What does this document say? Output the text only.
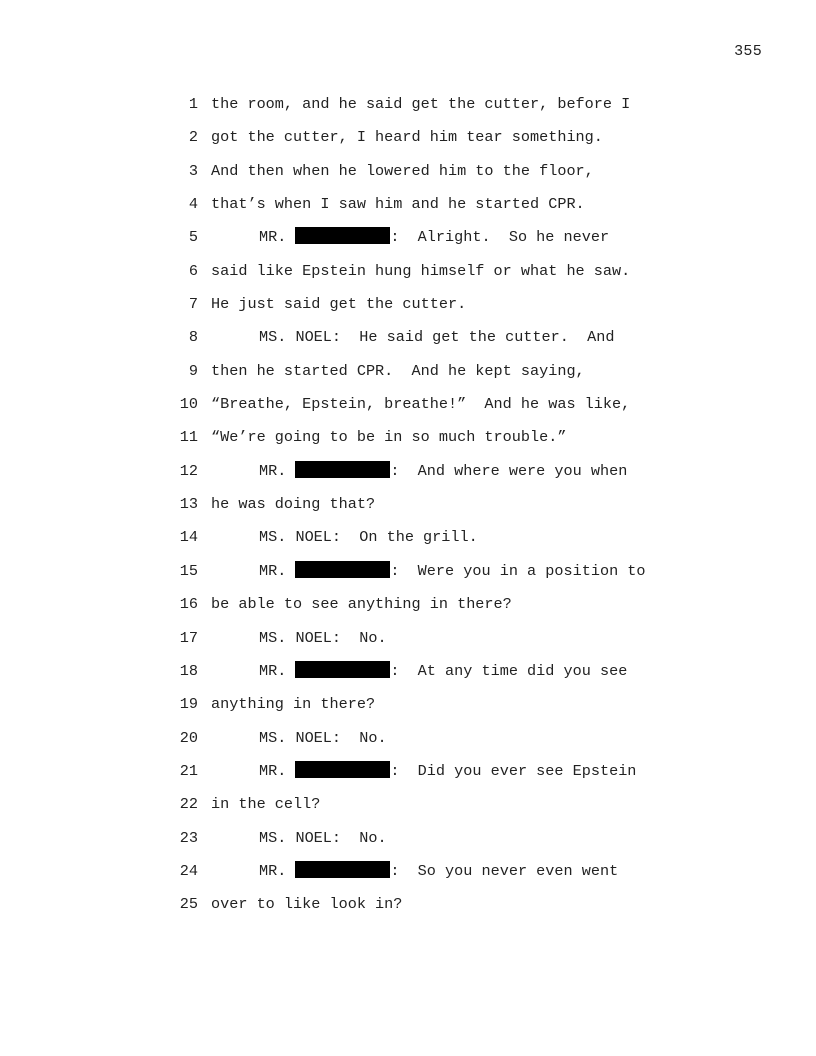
355
1 the room, and he said get the cutter, before I
2 got the cutter, I heard him tear something.
3 And then when he lowered him to the floor,
4 that’s when I saw him and he started CPR.
5	MR.	:  Alright.  So he never
6 said like Epstein hung himself or what he saw.
7 He just said get the cutter.
8	MS. NOEL:  He said get the cutter.  And
9 then he started CPR.  And he kept saying,
10 “Breathe, Epstein, breathe!”  And he was like,
11 “We’re going to be in so much trouble.”
12	MR.	:  And where were you when
13 he was doing that?
14	MS. NOEL:  On the grill.
15	MR.	:  Were you in a position to
16 be able to see anything in there?
17	MS. NOEL:  No.
18	MR.	:  At any time did you see
19 anything in there?
20	MS. NOEL:  No.
21	MR.	:  Did you ever see Epstein
22 in the cell?
23	MS. NOEL:  No.
24	MR.	:  So you never even went
25 over to like look in?
